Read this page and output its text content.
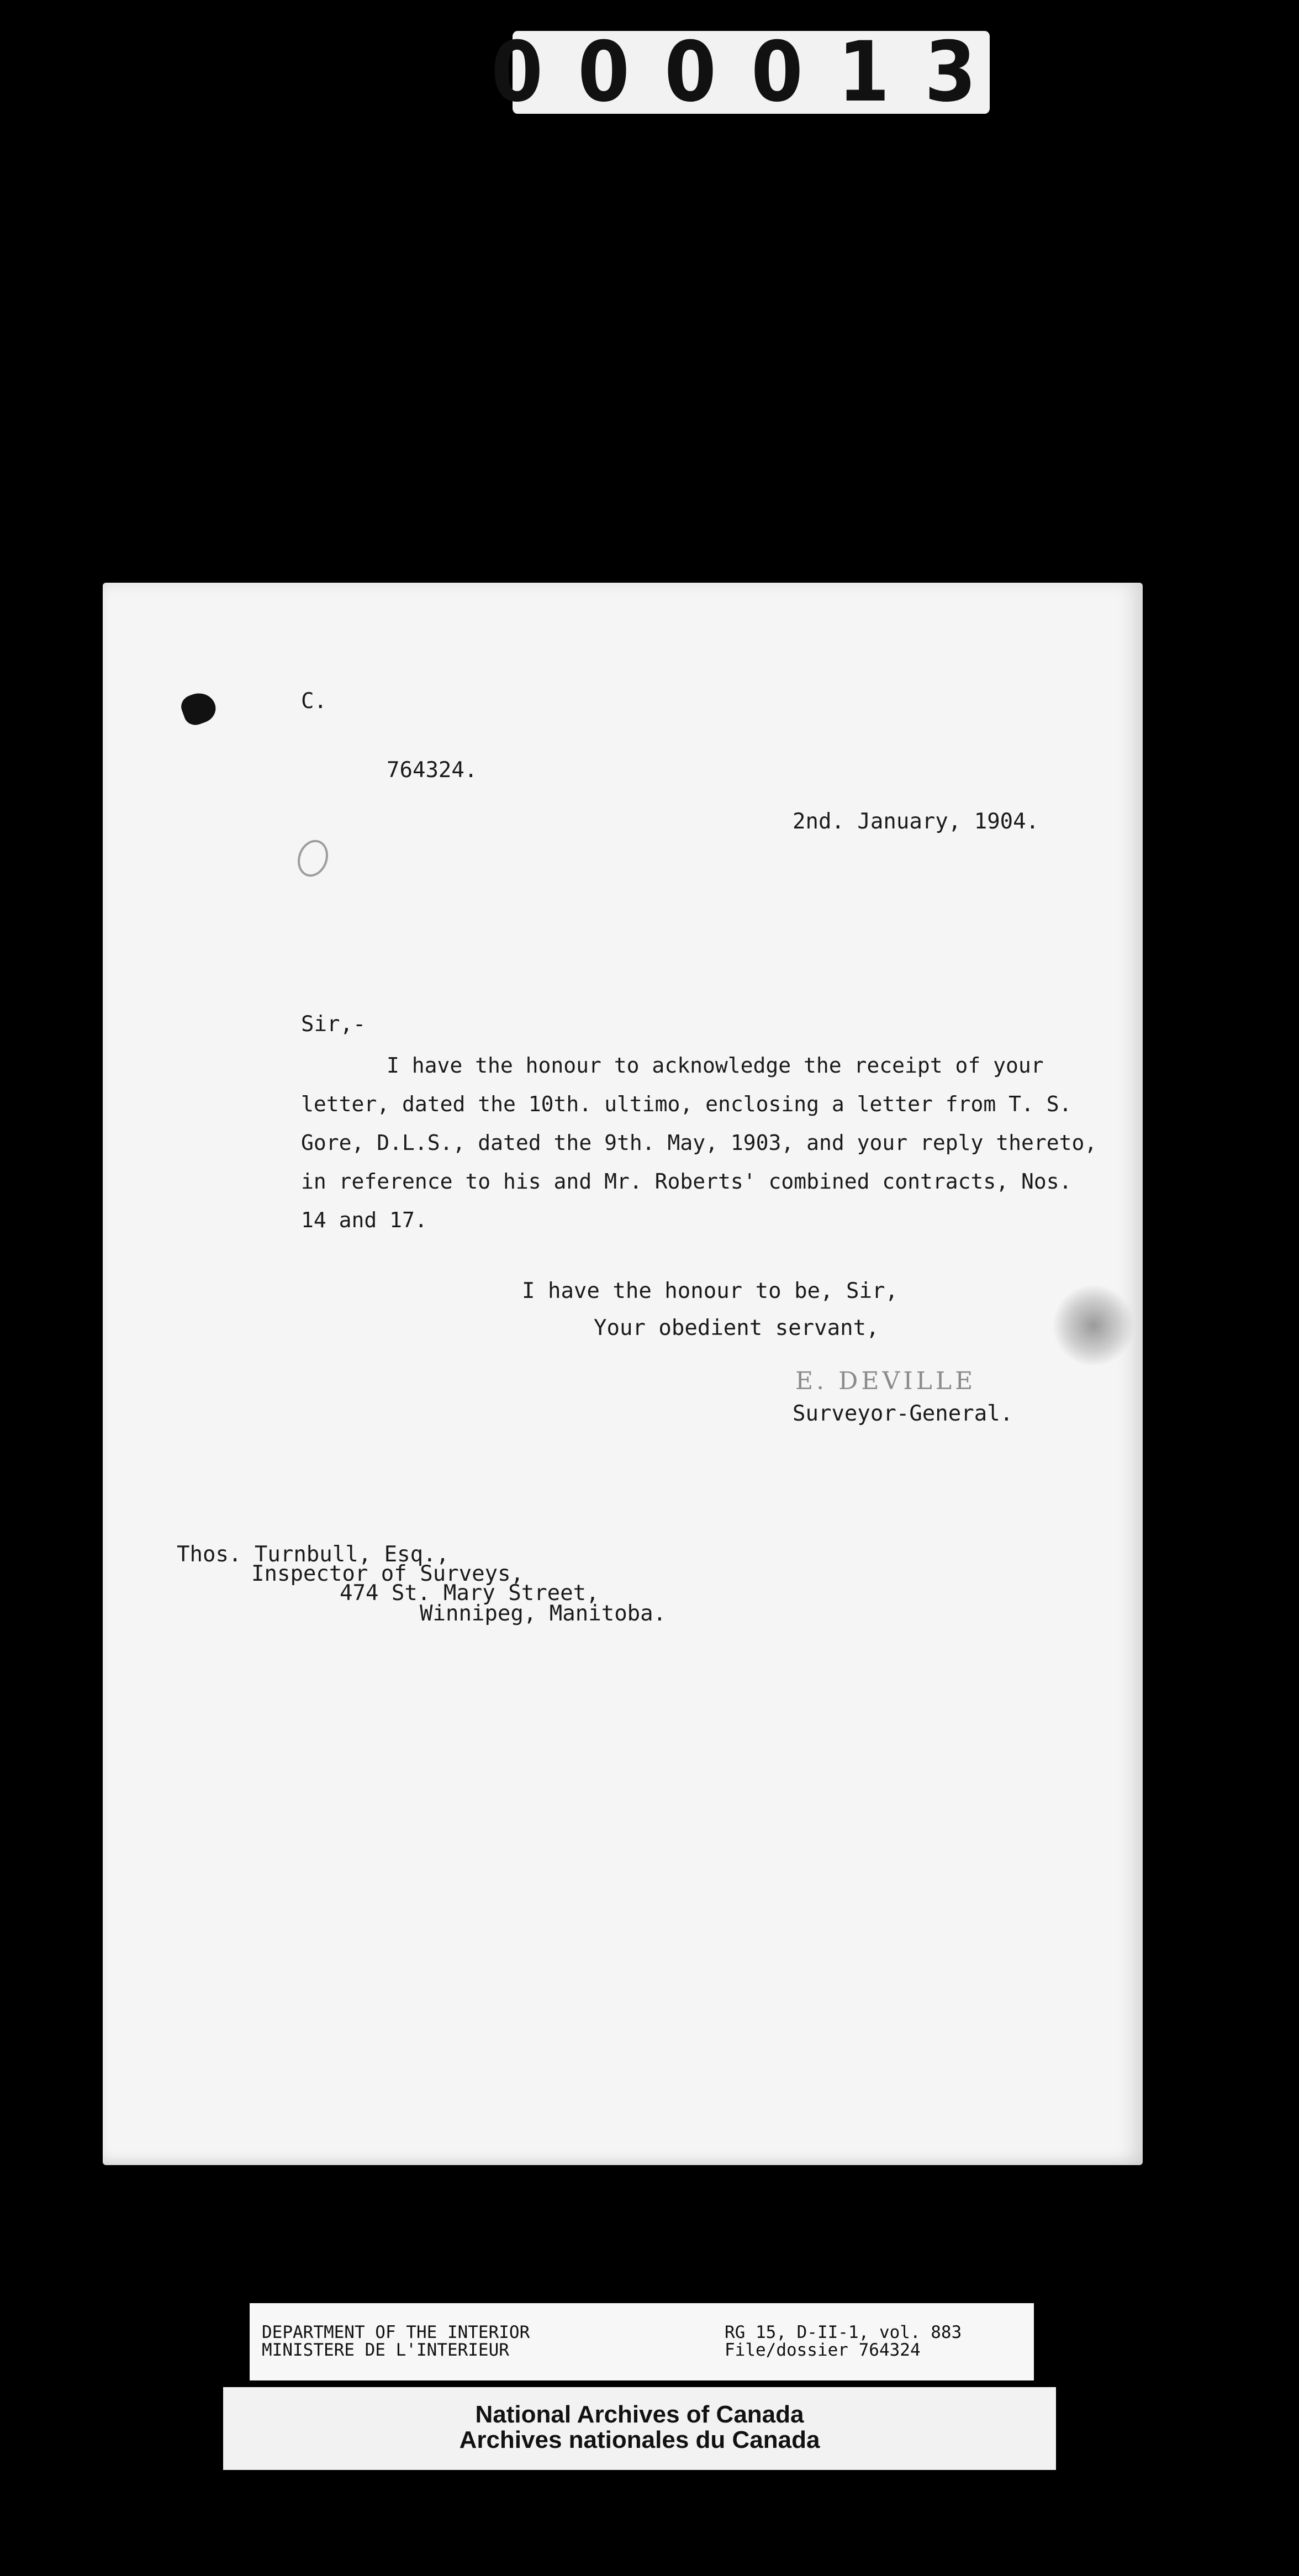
000013
C.
764324.
2nd. January, 1904.
Sir,-
I have the honour to acknowledge the receipt of your
letter, dated the 10th. ultimo, enclosing a letter from T. S.
Gore, D.L.S., dated the 9th. May, 1903, and your reply thereto,
in reference to his and Mr. Roberts' combined contracts, Nos.
14 and 17.
I have the honour to be, Sir,
Your obedient servant,
E. DEVILLE
Surveyor-General.
Thos. Turnbull, Esq.,
Inspector of Surveys,
474 St. Mary Street,
Winnipeg, Manitoba.
DEPARTMENT OF THE INTERIOR
MINISTERE DE L'INTERIEUR
RG 15, D-II-1, vol. 883
File/dossier 764324
National Archives of Canada
Archives nationales du Canada
